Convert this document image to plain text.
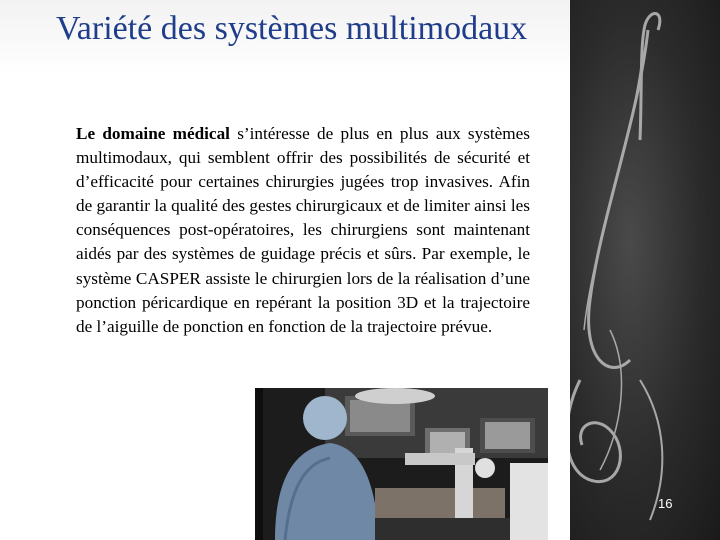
Variété des systèmes multimodaux

Le domaine médical s’intéresse de plus en plus aux systèmes multimodaux, qui semblent offrir des possibilités de sécurité et d’efficacité pour certaines chirurgies jugées trop invasives. Afin de garantir la qualité des gestes chirurgicaux et de limiter ainsi les conséquences post-opératoires, les chirurgiens sont maintenant aidés par des systèmes de guidage précis et sûrs. Par exemple, le système CASPER assiste le chirurgien lors de la réalisation d’une ponction péricardique en repérant la position 3D et la trajectoire de l’aiguille de ponction en fonction de la trajectoire prévue.

16
